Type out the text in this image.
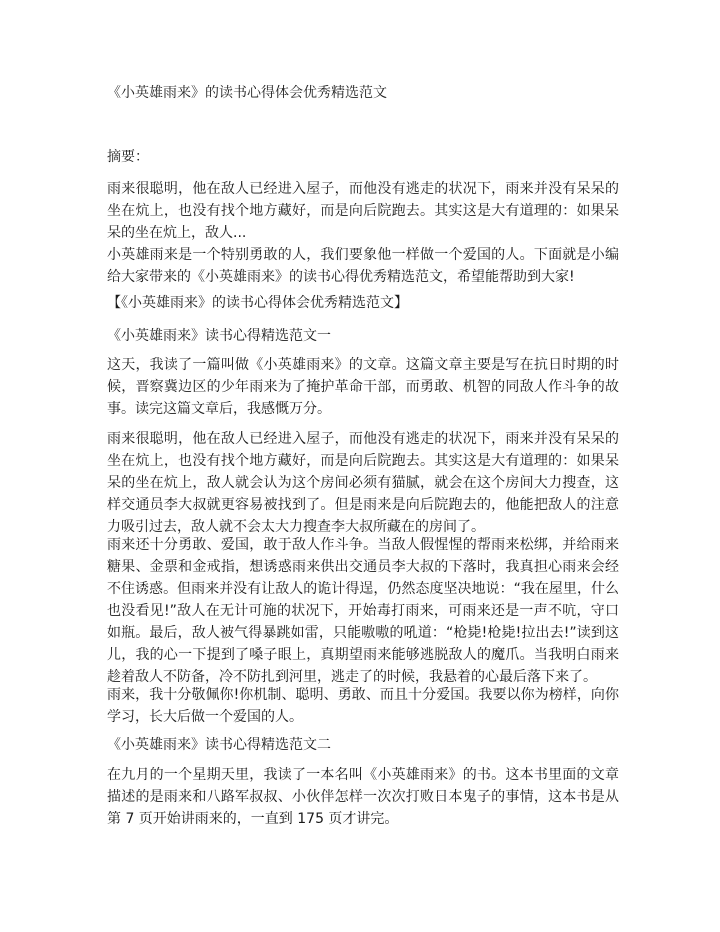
《小英雄雨来》的读书心得体会优秀精选范文
摘要：

雨来很聪明，他在敌人已经进入屋子，而他没有逃走的状况下，雨来并没有呆呆的坐在炕上，也没有找个地方藏好，而是向后院跑去。其实这是大有道理的：如果呆呆的坐在炕上，敌人...

小英雄雨来是一个特别勇敢的人，我们要象他一样做一个爱国的人。下面就是小编给大家带来的《小英雄雨来》的读书心得优秀精选范文，希望能帮助到大家!

【《小英雄雨来》的读书心得体会优秀精选范文】

《小英雄雨来》读书心得精选范文一

这天，我读了一篇叫做《小英雄雨来》的文章。这篇文章主要是写在抗日时期的时候，晋察冀边区的少年雨来为了掩护革命干部，而勇敢、机智的同敌人作斗争的故事。读完这篇文章后，我感慨万分。

雨来很聪明，他在敌人已经进入屋子，而他没有逃走的状况下，雨来并没有呆呆的坐在炕上，也没有找个地方藏好，而是向后院跑去。其实这是大有道理的：如果呆呆的坐在炕上，敌人就会认为这个房间必须有猫腻，就会在这个房间大力搜查，这样交通员李大叔就更容易被找到了。但是雨来是向后院跑去的，他能把敌人的注意力吸引过去，敌人就不会太大力搜查李大叔所藏在的房间了。

雨来还十分勇敢、爱国，敢于敌人作斗争。当敌人假惺惺的帮雨来松绑，并给雨来糖果、金票和金戒指，想诱惑雨来供出交通员李大叔的下落时，我真担心雨来会经不住诱惑。但雨来并没有让敌人的诡计得逞，仍然态度坚决地说：“我在屋里，什么也没看见!”敌人在无计可施的状况下，开始毒打雨来，可雨来还是一声不吭，守口如瓶。最后，敌人被气得暴跳如雷，只能嗷嗷的吼道：“枪毙!枪毙!拉出去!”读到这儿，我的心一下提到了嗓子眼上，真期望雨来能够逃脱敌人的魔爪。当我明白雨来趁着敌人不防备，冷不防扎到河里，逃走了的时候，我悬着的心最后落下来了。

雨来，我十分敬佩你!你机制、聪明、勇敢、而且十分爱国。我要以你为榜样，向你学习，长大后做一个爱国的人。

《小英雄雨来》读书心得精选范文二

在九月的一个星期天里，我读了一本名叫《小英雄雨来》的书。这本书里面的文章描述的是雨来和八路军叔叔、小伙伴怎样一次次打败日本鬼子的事情，这本书是从第 7 页开始讲雨来的，一直到 175 页才讲完。
